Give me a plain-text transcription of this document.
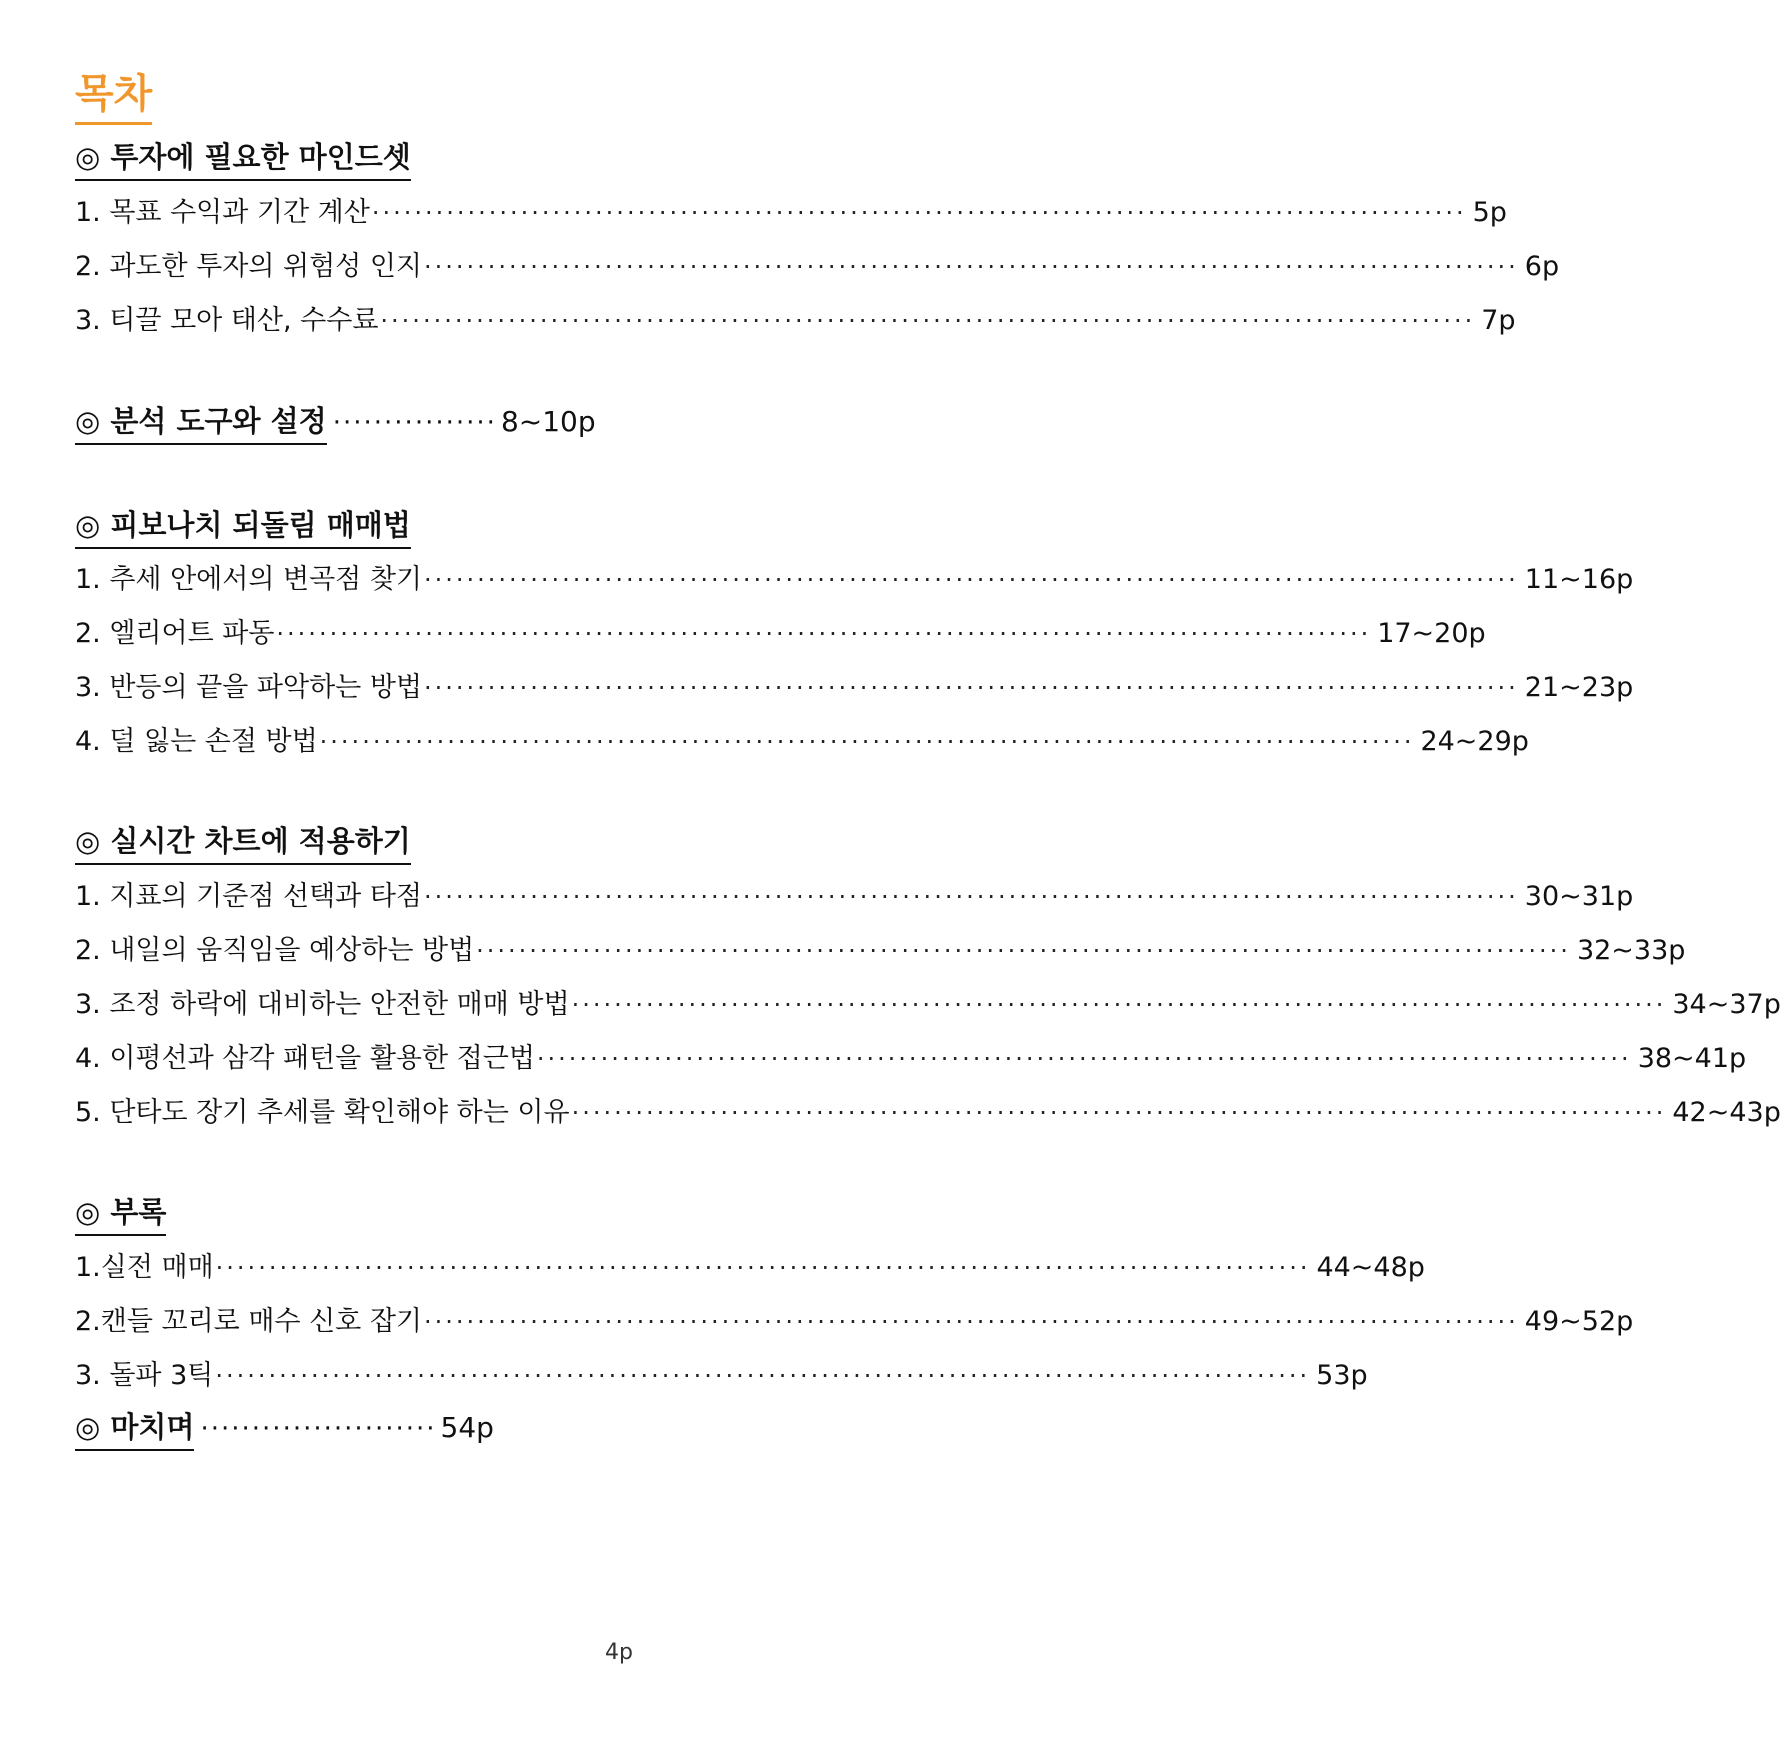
목차
◎ 투자에 필요한 마인드셋
1. 목표 수익과 기간 계산 ······································································································· 5p
2. 과도한 투자의 위험성 인지 ······································································································· 6p
3. 티끌 모아 태산, 수수료 ······································································································· 7p
◎ 분석 도구와 설정 ················ 8~10p
◎ 피보나치 되돌림 매매법
1. 추세 안에서의 변곡점 찾기 ······································································································· 11~16p
2. 엘리어트 파동 ······································································································· 17~20p
3. 반등의 끝을 파악하는 방법 ······································································································· 21~23p
4. 덜 잃는 손절 방법 ······································································································· 24~29p
◎ 실시간 차트에 적용하기
1. 지표의 기준점 선택과 타점 ······································································································· 30~31p
2. 내일의 움직임을 예상하는 방법 ······································································································· 32~33p
3. 조정 하락에 대비하는 안전한 매매 방법 ······································································································· 34~37p
4. 이평선과 삼각 패턴을 활용한 접근법 ······································································································· 38~41p
5. 단타도 장기 추세를 확인해야 하는 이유 ······································································································· 42~43p
◎ 부록
1.실전 매매 ······································································································· 44~48p
2.캔들 꼬리로 매수 신호 잡기 ······································································································· 49~52p
3. 돌파 3틱 ······································································································· 53p
◎ 마치며 ······················· 54p
4p
